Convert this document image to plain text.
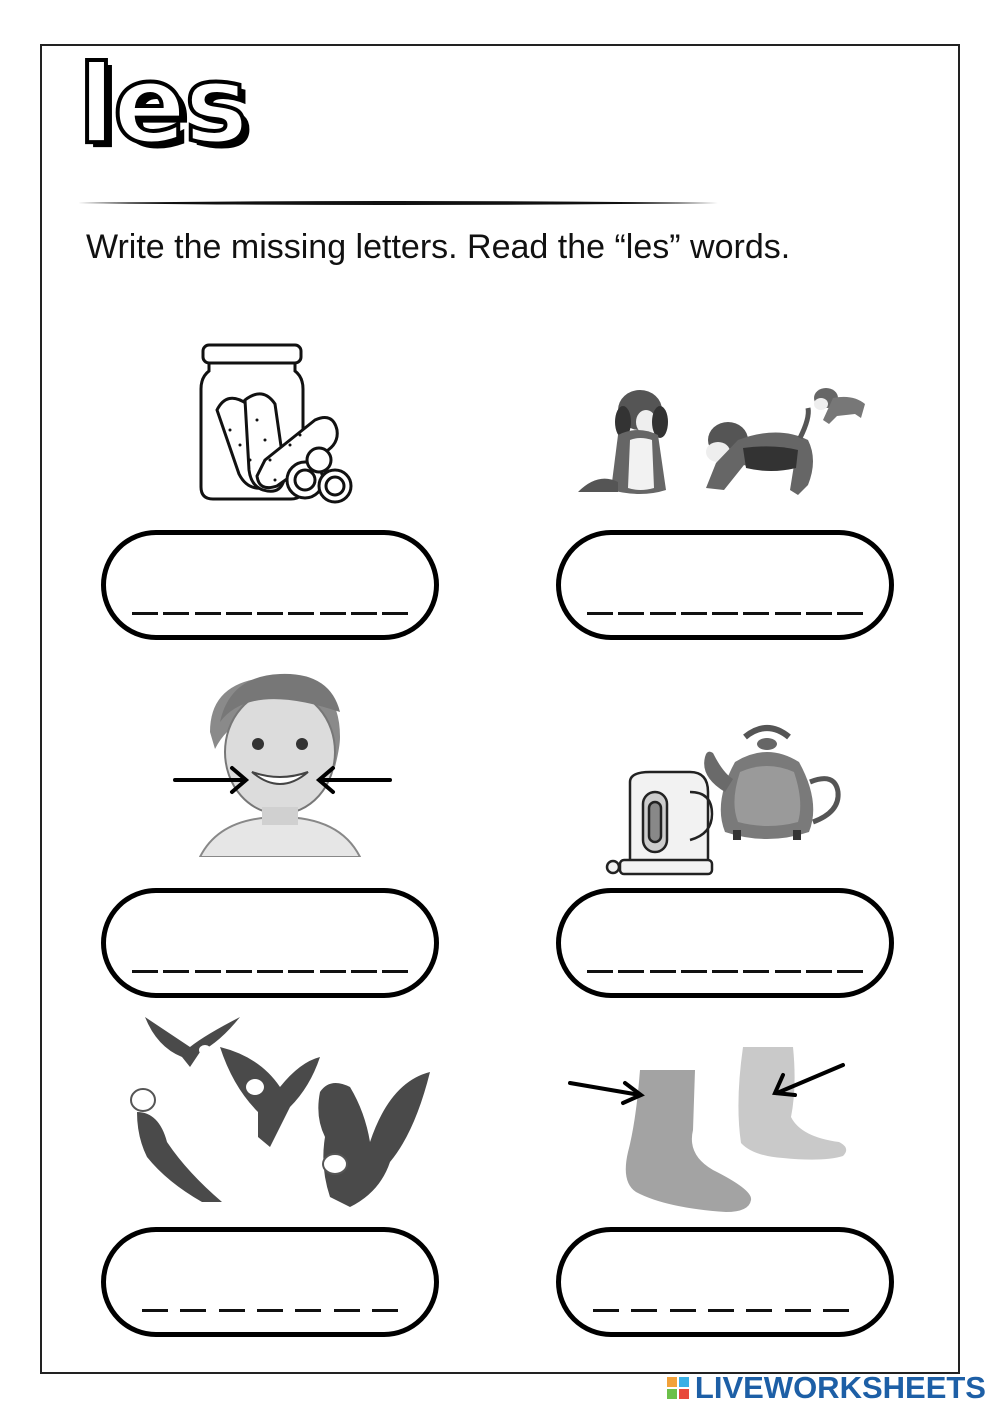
les
Write the missing letters. Read the “les” words.
LIVEWORKSHEETS
